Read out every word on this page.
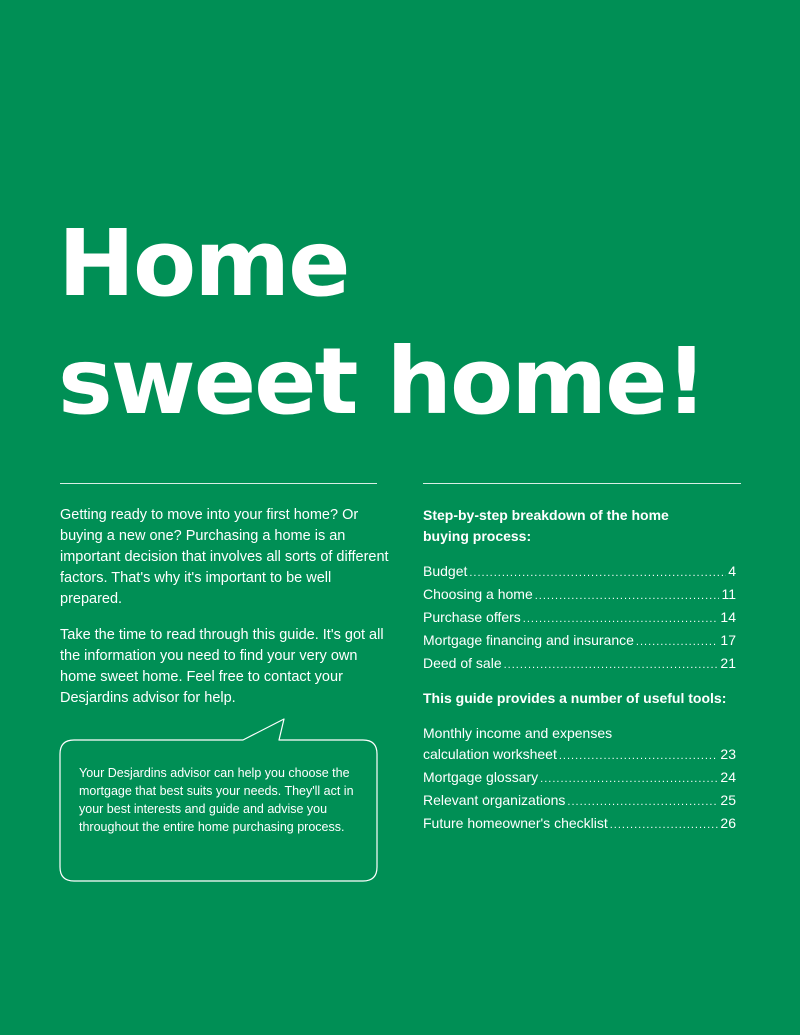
Home
sweet home!

Getting ready to move into your first home? Or buying a new one? Purchasing a home is an important decision that involves all sorts of different factors. That's why it's important to be well prepared.

Take the time to read through this guide. It's got all the information you need to find your very own home sweet home. Feel free to contact your Desjardins advisor for help.

Your Desjardins advisor can help you choose the mortgage that best suits your needs. They'll act in your best interests and guide and advise you throughout the entire home purchasing process.
Step-by-step breakdown of the home buying process:
Budget .....	4
Choosing a home .....	11
Purchase offers .....	14
Mortgage financing and insurance .....	17
Deed of sale .....	21
This guide provides a number of useful tools:
Monthly income and expenses
calculation worksheet .....	23
Mortgage glossary .....	24
Relevant organizations .....	25
Future homeowner's checklist .....	26
